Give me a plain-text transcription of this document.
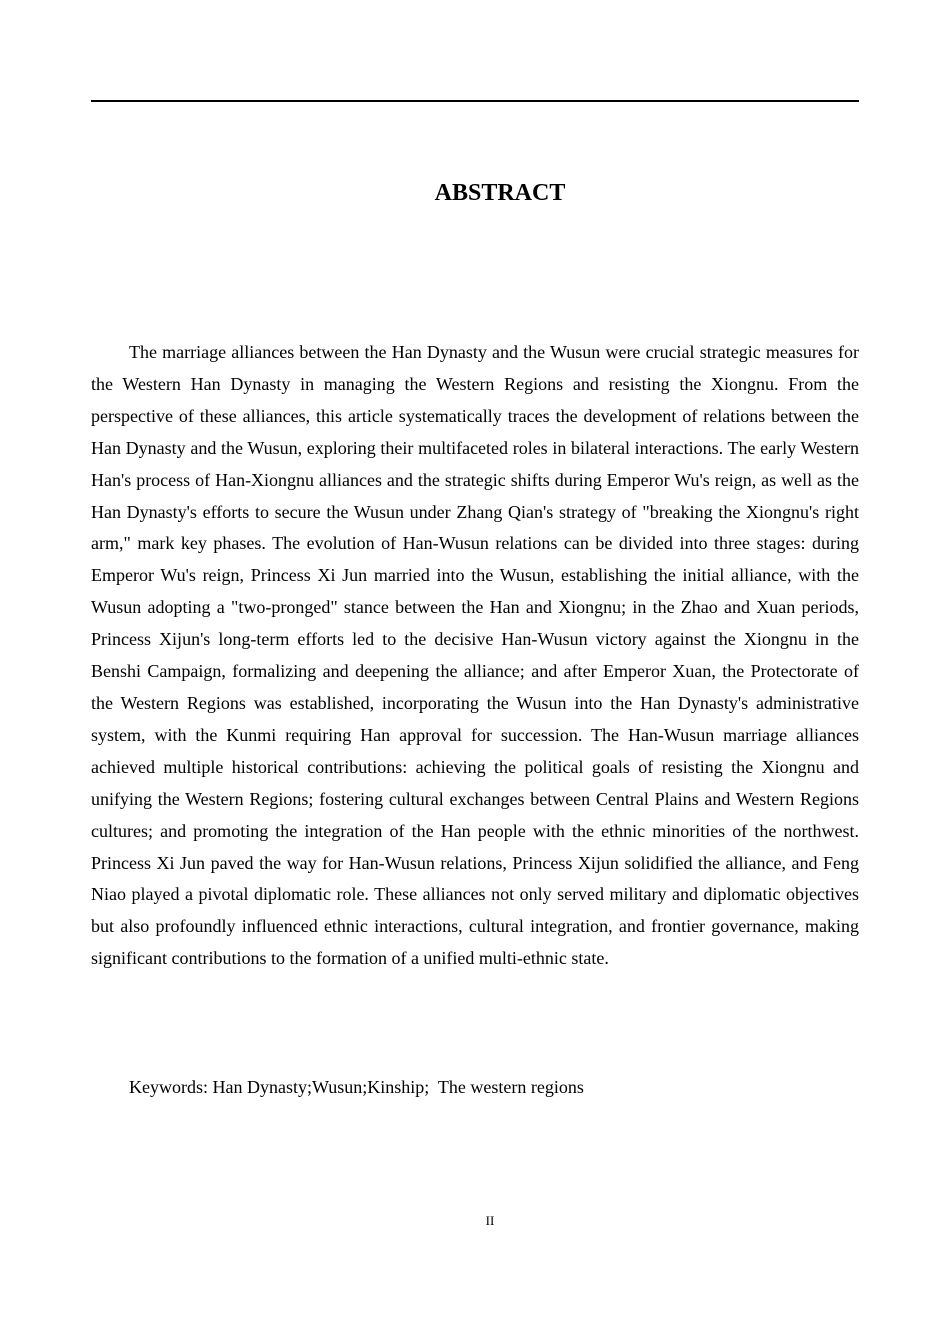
ABSTRACT

The marriage alliances between the Han Dynasty and the Wusun were crucial strategic measures for the Western Han Dynasty in managing the Western Regions and resisting the Xiongnu. From the perspective of these alliances, this article systematically traces the development of relations between the Han Dynasty and the Wusun, exploring their multifaceted roles in bilateral interactions. The early Western Han's process of Han-Xiongnu alliances and the strategic shifts during Emperor Wu's reign, as well as the Han Dynasty's efforts to secure the Wusun under Zhang Qian's strategy of "breaking the Xiongnu's right arm," mark key phases. The evolution of Han-Wusun relations can be divided into three stages: during Emperor Wu's reign, Princess Xi Jun married into the Wusun, establishing the initial alliance, with the Wusun adopting a "two-pronged" stance between the Han and Xiongnu; in the Zhao and Xuan periods, Princess Xijun's long-term efforts led to the decisive Han-Wusun victory against the Xiongnu in the Benshi Campaign, formalizing and deepening the alliance; and after Emperor Xuan, the Protectorate of the Western Regions was established, incorporating the Wusun into the Han Dynasty's administrative system, with the Kunmi requiring Han approval for succession. The Han-Wusun marriage alliances achieved multiple historical contributions: achieving the political goals of resisting the Xiongnu and unifying the Western Regions; fostering cultural exchanges between Central Plains and Western Regions cultures; and promoting the integration of the Han people with the ethnic minorities of the northwest. Princess Xi Jun paved the way for Han-Wusun relations, Princess Xijun solidified the alliance, and Feng Niao played a pivotal diplomatic role. These alliances not only served military and diplomatic objectives but also profoundly influenced ethnic interactions, cultural integration, and frontier governance, making significant contributions to the formation of a unified multi-ethnic state.

Keywords: Han Dynasty;Wusun;Kinship;  The western regions

II
